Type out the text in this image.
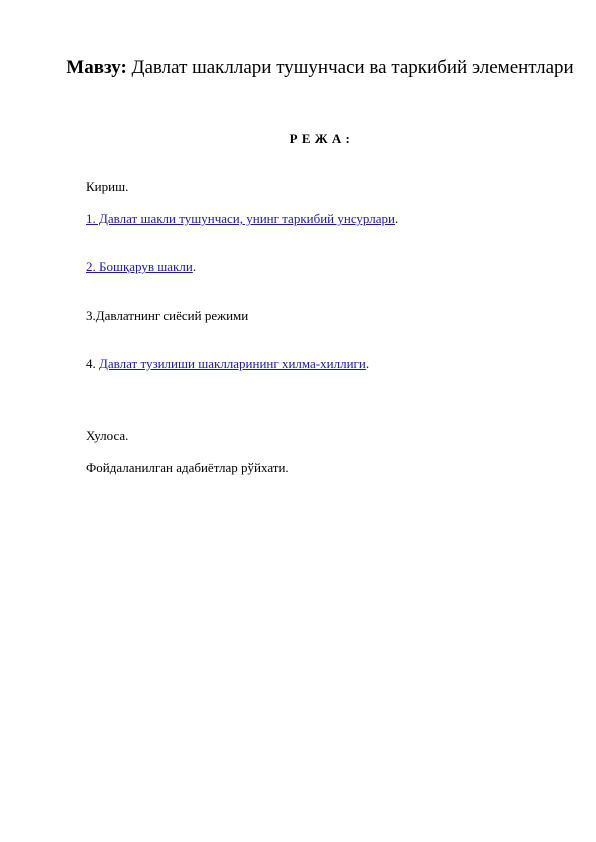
Мавзу: Давлат шакллари тушунчаси ва таркибий элементлари
Р Е Ж А :
Кириш.
1. Давлат шакли тушунчаси, унинг таркибий унсурлари.
2. Бошқарув шакли.
3.Давлатнинг сиёсий режими
4. Давлат тузилиши шаклларининг хилма-хиллиги.
Хулоса.
Фойдаланилган адабиётлар рўйхати.
